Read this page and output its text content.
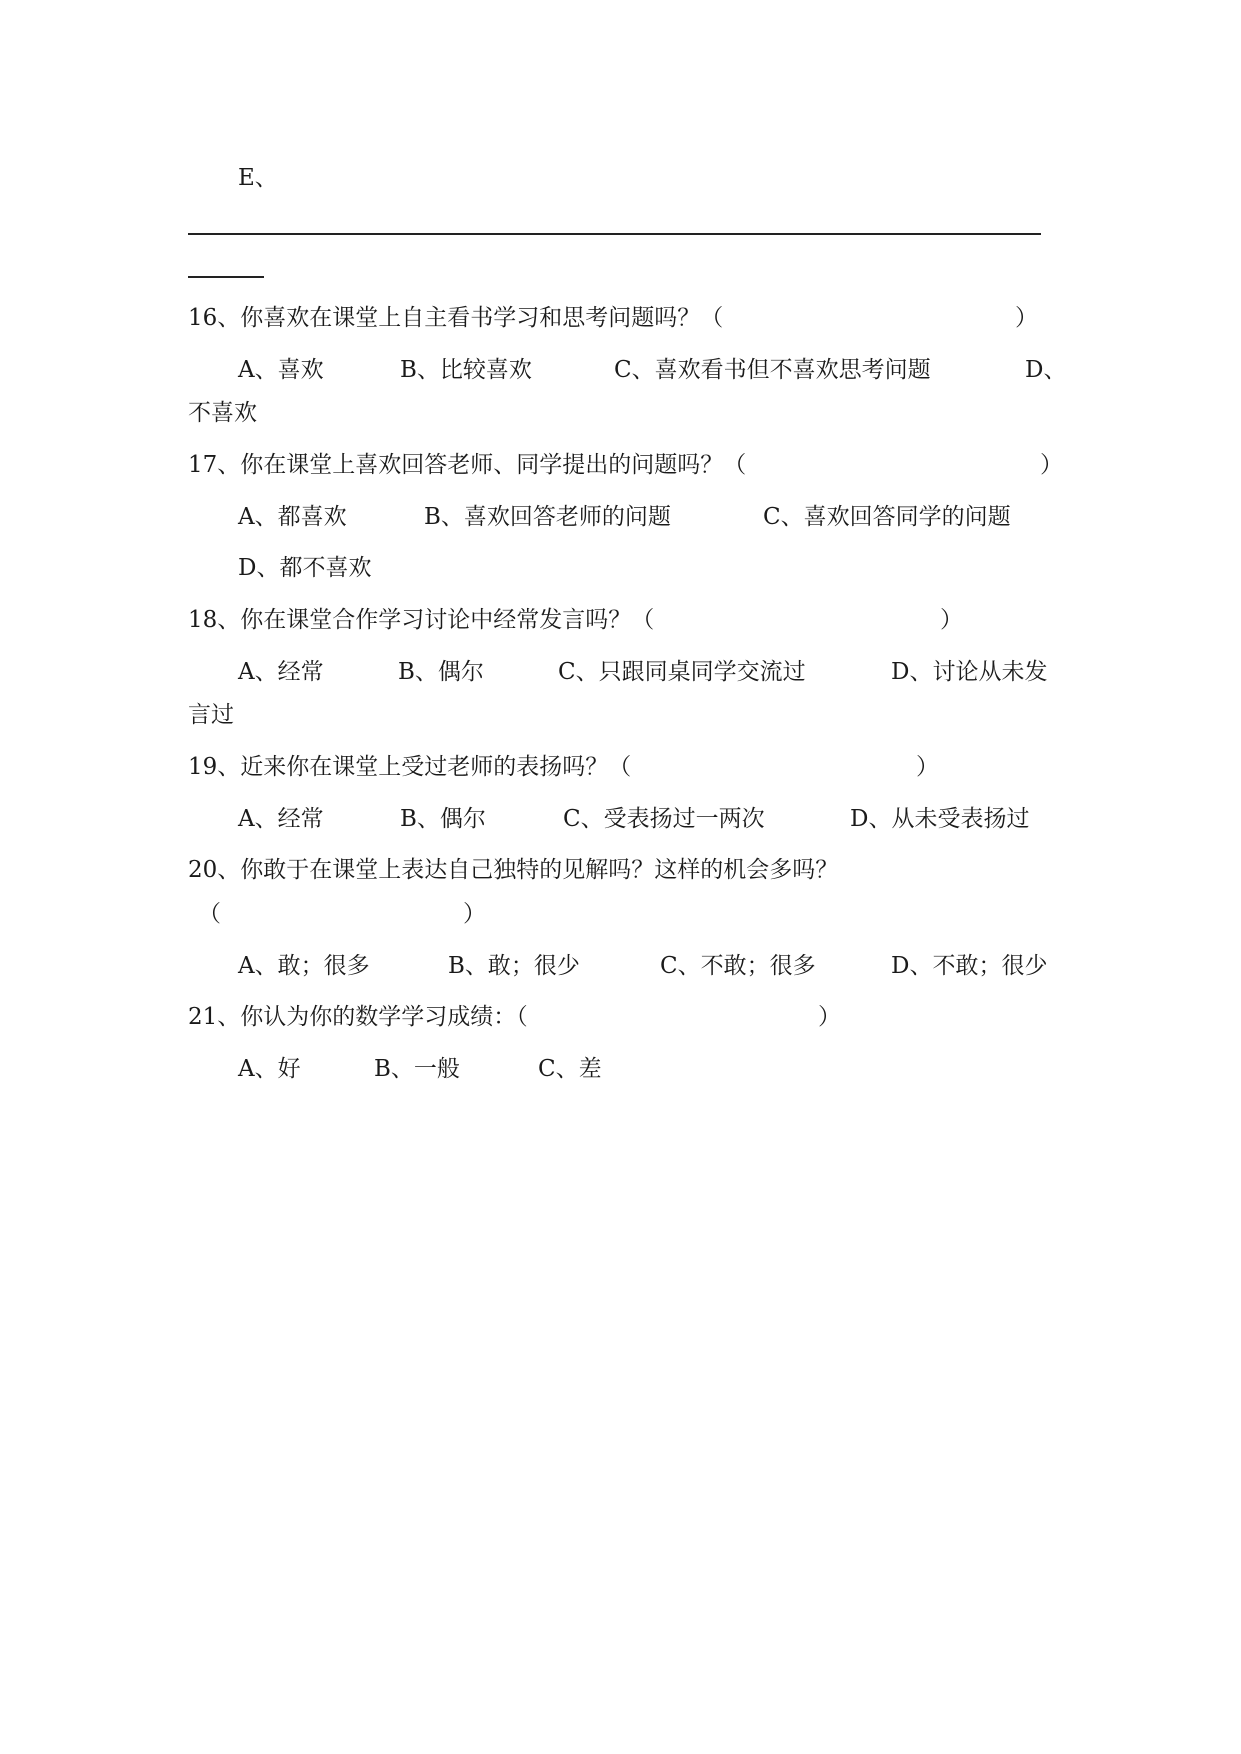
E、
16、你喜欢在课堂上自主看书学习和思考问题吗？（	）
A、喜欢	B、比较喜欢	C、喜欢看书但不喜欢思考问题	D、
不喜欢
17、你在课堂上喜欢回答老师、同学提出的问题吗？（	）
A、都喜欢	B、喜欢回答老师的问题	C、喜欢回答同学的问题
D、都不喜欢
18、你在课堂合作学习讨论中经常发言吗？（	）
A、经常	B、偶尔	C、只跟同桌同学交流过	D、讨论从未发
言过
19、近来你在课堂上受过老师的表扬吗？（	）
A、经常	B、偶尔	C、受表扬过一两次	D、从未受表扬过
20、你敢于在课堂上表达自己独特的见解吗？这样的机会多吗？
（	）
A、敢；很多	B、敢；很少	C、不敢；很多	D、不敢；很少
21、你认为你的数学学习成绩：（	）
A、好	B、一般	C、差
